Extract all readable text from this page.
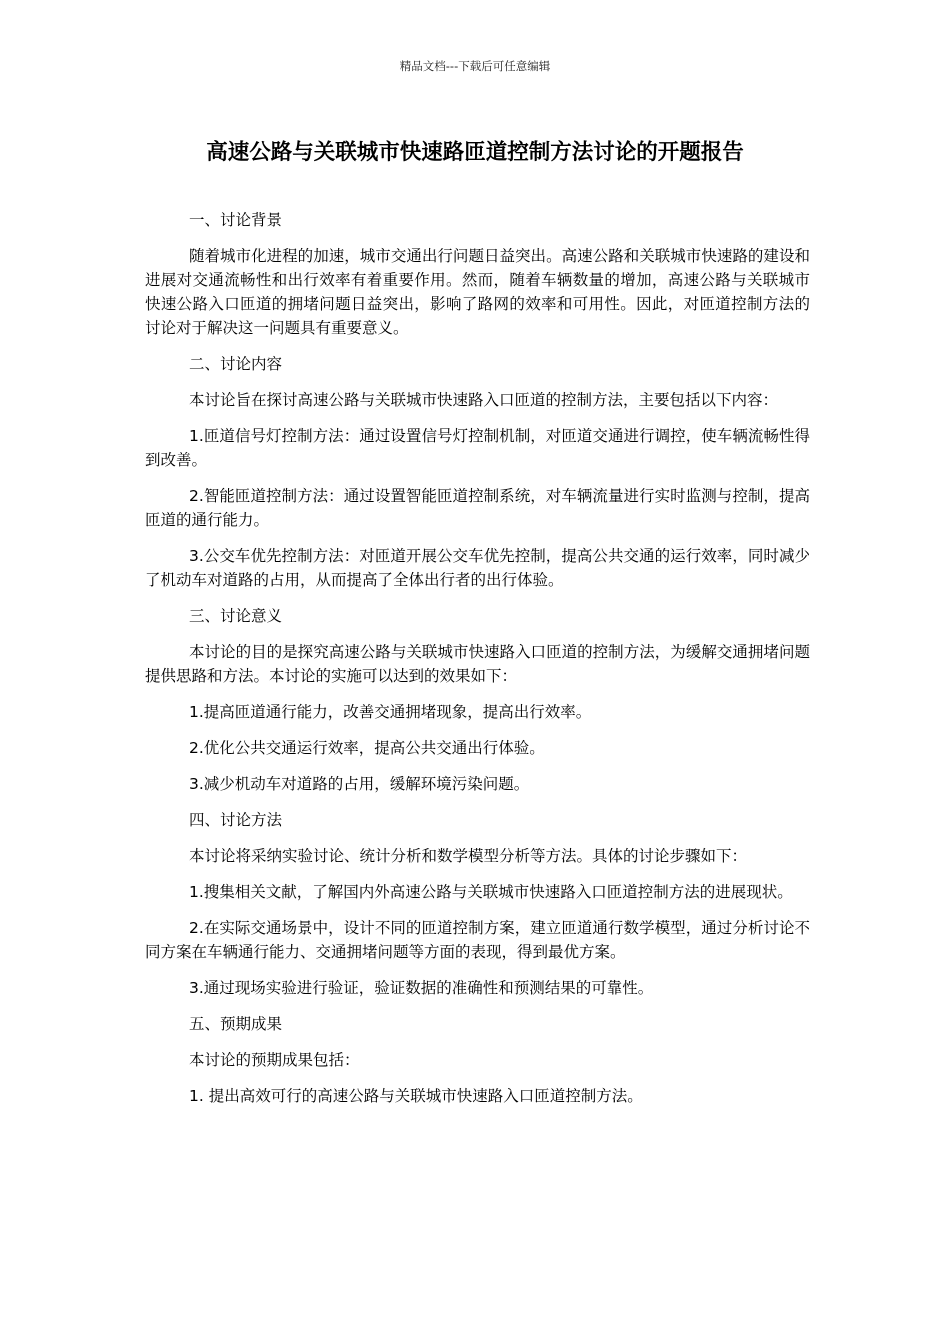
精品文档---下载后可任意编辑
高速公路与关联城市快速路匝道控制方法讨论的开题报告

一、讨论背景

随着城市化进程的加速，城市交通出行问题日益突出。高速公路和关联城市快速路的建设和进展对交通流畅性和出行效率有着重要作用。然而，随着车辆数量的增加，高速公路与关联城市快速公路入口匝道的拥堵问题日益突出，影响了路网的效率和可用性。因此，对匝道控制方法的讨论对于解决这一问题具有重要意义。

二、讨论内容

本讨论旨在探讨高速公路与关联城市快速路入口匝道的控制方法，主要包括以下内容：

1.匝道信号灯控制方法：通过设置信号灯控制机制，对匝道交通进行调控，使车辆流畅性得到改善。

2.智能匝道控制方法：通过设置智能匝道控制系统，对车辆流量进行实时监测与控制，提高匝道的通行能力。

3.公交车优先控制方法：对匝道开展公交车优先控制，提高公共交通的运行效率，同时减少了机动车对道路的占用，从而提高了全体出行者的出行体验。

三、讨论意义

本讨论的目的是探究高速公路与关联城市快速路入口匝道的控制方法，为缓解交通拥堵问题提供思路和方法。本讨论的实施可以达到的效果如下：

1.提高匝道通行能力，改善交通拥堵现象，提高出行效率。

2.优化公共交通运行效率，提高公共交通出行体验。

3.减少机动车对道路的占用，缓解环境污染问题。

四、讨论方法

本讨论将采纳实验讨论、统计分析和数学模型分析等方法。具体的讨论步骤如下：

1.搜集相关文献，了解国内外高速公路与关联城市快速路入口匝道控制方法的进展现状。

2.在实际交通场景中，设计不同的匝道控制方案，建立匝道通行数学模型，通过分析讨论不同方案在车辆通行能力、交通拥堵问题等方面的表现，得到最优方案。

3.通过现场实验进行验证，验证数据的准确性和预测结果的可靠性。

五、预期成果

本讨论的预期成果包括：

1. 提出高效可行的高速公路与关联城市快速路入口匝道控制方法。
